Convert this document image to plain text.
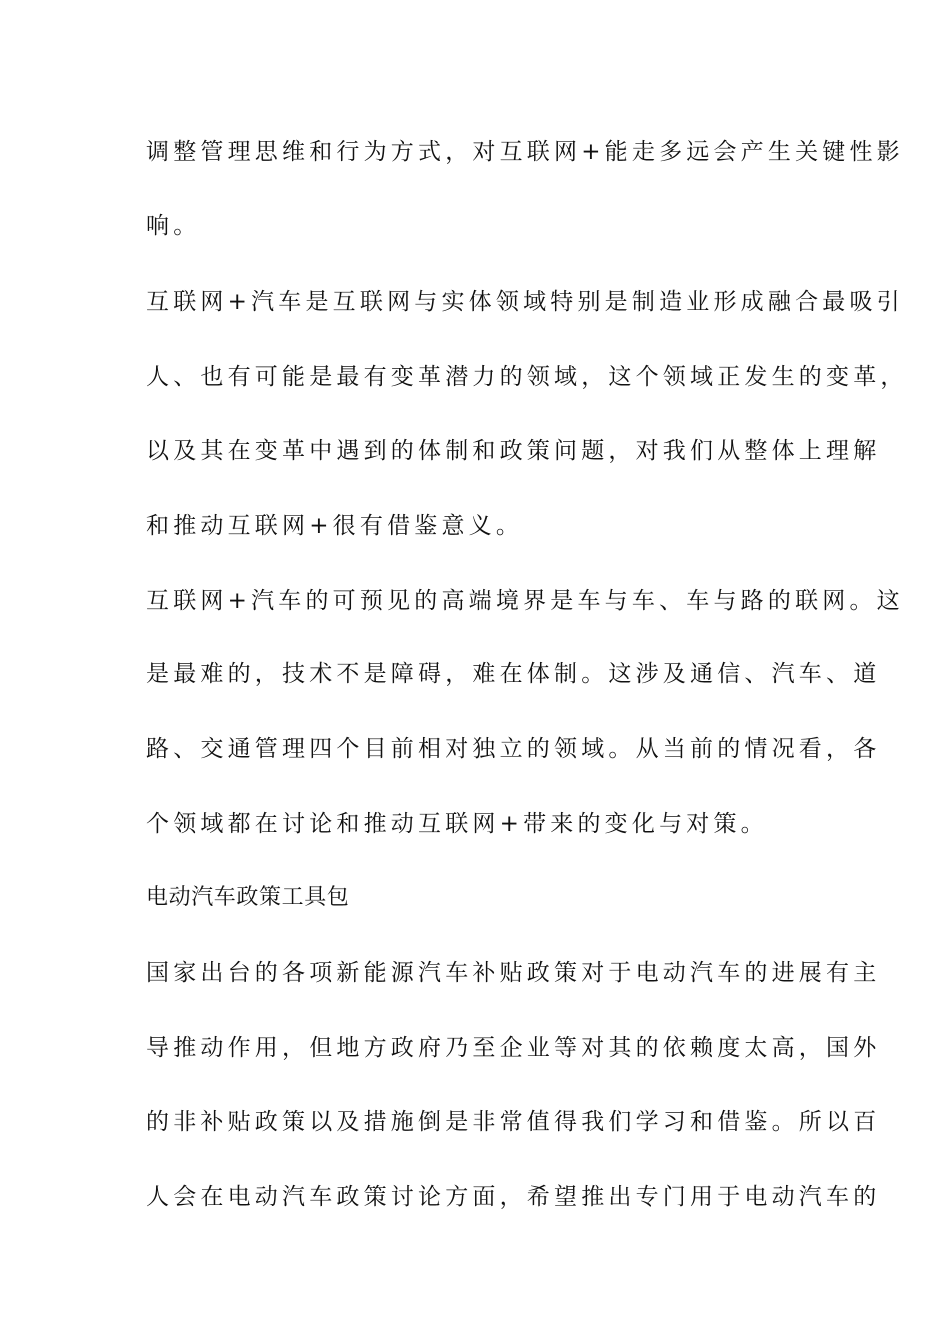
调整管理思维和行为方式，对互联网+能走多远会产生关键性影
响。
互联网+汽车是互联网与实体领域特别是制造业形成融合最吸引
人、也有可能是最有变革潜力的领域，这个领域正发生的变革，
以及其在变革中遇到的体制和政策问题，对我们从整体上理解
和推动互联网+很有借鉴意义。
互联网+汽车的可预见的高端境界是车与车、车与路的联网。这
是最难的，技术不是障碍，难在体制。这涉及通信、汽车、道
路、交通管理四个目前相对独立的领域。从当前的情况看，各
个领域都在讨论和推动互联网+带来的变化与对策。
电动汽车政策工具包
国家出台的各项新能源汽车补贴政策对于电动汽车的进展有主
导推动作用，但地方政府乃至企业等对其的依赖度太高，国外
的非补贴政策以及措施倒是非常值得我们学习和借鉴。所以百
人会在电动汽车政策讨论方面，希望推出专门用于电动汽车的
